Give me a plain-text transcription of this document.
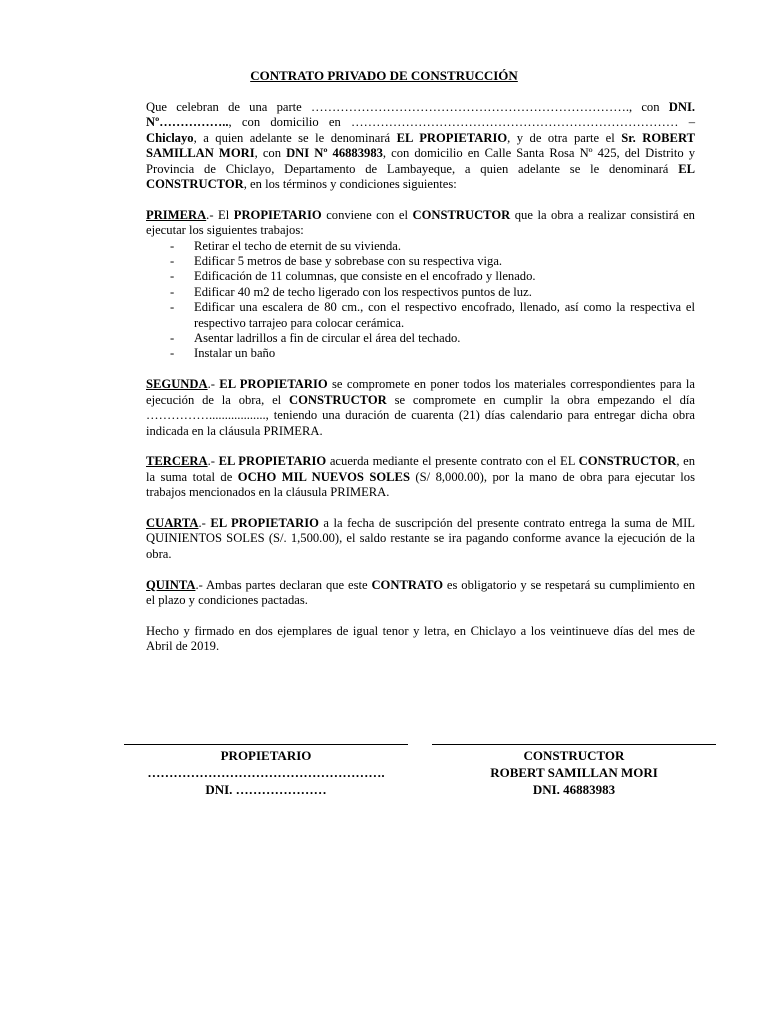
CONTRATO PRIVADO DE CONSTRUCCIÓN

Que celebran de una parte …………………………………………………………………., con DNI. Nº…………….., con domicilio en …………………………………………………………………… – Chiclayo, a quien adelante se le denominará EL PROPIETARIO, y de otra parte el Sr. ROBERT SAMILLAN MORI, con DNI Nº 46883983, con domicilio en Calle Santa Rosa Nº 425, del Distrito y Provincia de Chiclayo, Departamento de Lambayeque, a quien adelante se le denominará EL CONSTRUCTOR, en los términos y condiciones siguientes:

PRIMERA.- El PROPIETARIO conviene con el CONSTRUCTOR que la obra a realizar consistirá en ejecutar los siguientes trabajos:

- Retirar el techo de eternit de su vivienda.
- Edificar 5 metros de base y sobrebase con su respectiva viga.
- Edificación de 11 columnas, que consiste en el encofrado y llenado.
- Edificar 40 m2 de techo ligerado con los respectivos puntos de luz.
- Edificar una escalera de 80 cm., con el respectivo encofrado, llenado, así como la respectiva el respectivo tarrajeo para colocar cerámica.
- Asentar ladrillos a fin de circular el área del techado.
- Instalar un baño

SEGUNDA.- EL PROPIETARIO se compromete en poner todos los materiales correspondientes para la ejecución de la obra, el CONSTRUCTOR se compromete en cumplir la obra empezando el día …………….................., teniendo una duración de cuarenta (21) días calendario para entregar dicha obra indicada en la cláusula PRIMERA.

TERCERA.- EL PROPIETARIO acuerda mediante el presente contrato con el EL CONSTRUCTOR, en la suma total de OCHO MIL NUEVOS SOLES (S/ 8,000.00), por la mano de obra para ejecutar los trabajos mencionados en la cláusula PRIMERA.

CUARTA.- EL PROPIETARIO a la fecha de suscripción del presente contrato entrega la suma de MIL QUINIENTOS SOLES (S/. 1,500.00), el saldo restante se ira pagando conforme avance la ejecución de la obra.

QUINTA.- Ambas partes declaran que este CONTRATO es obligatorio y se respetará su cumplimiento en el plazo y condiciones pactadas.

Hecho y firmado en dos ejemplares de igual tenor y letra, en Chiclayo a los veintinueve días del mes de Abril de 2019.

PROPIETARIO
……………………………………………….
DNI. …………………
CONSTRUCTOR
ROBERT SAMILLAN MORI
DNI. 46883983
